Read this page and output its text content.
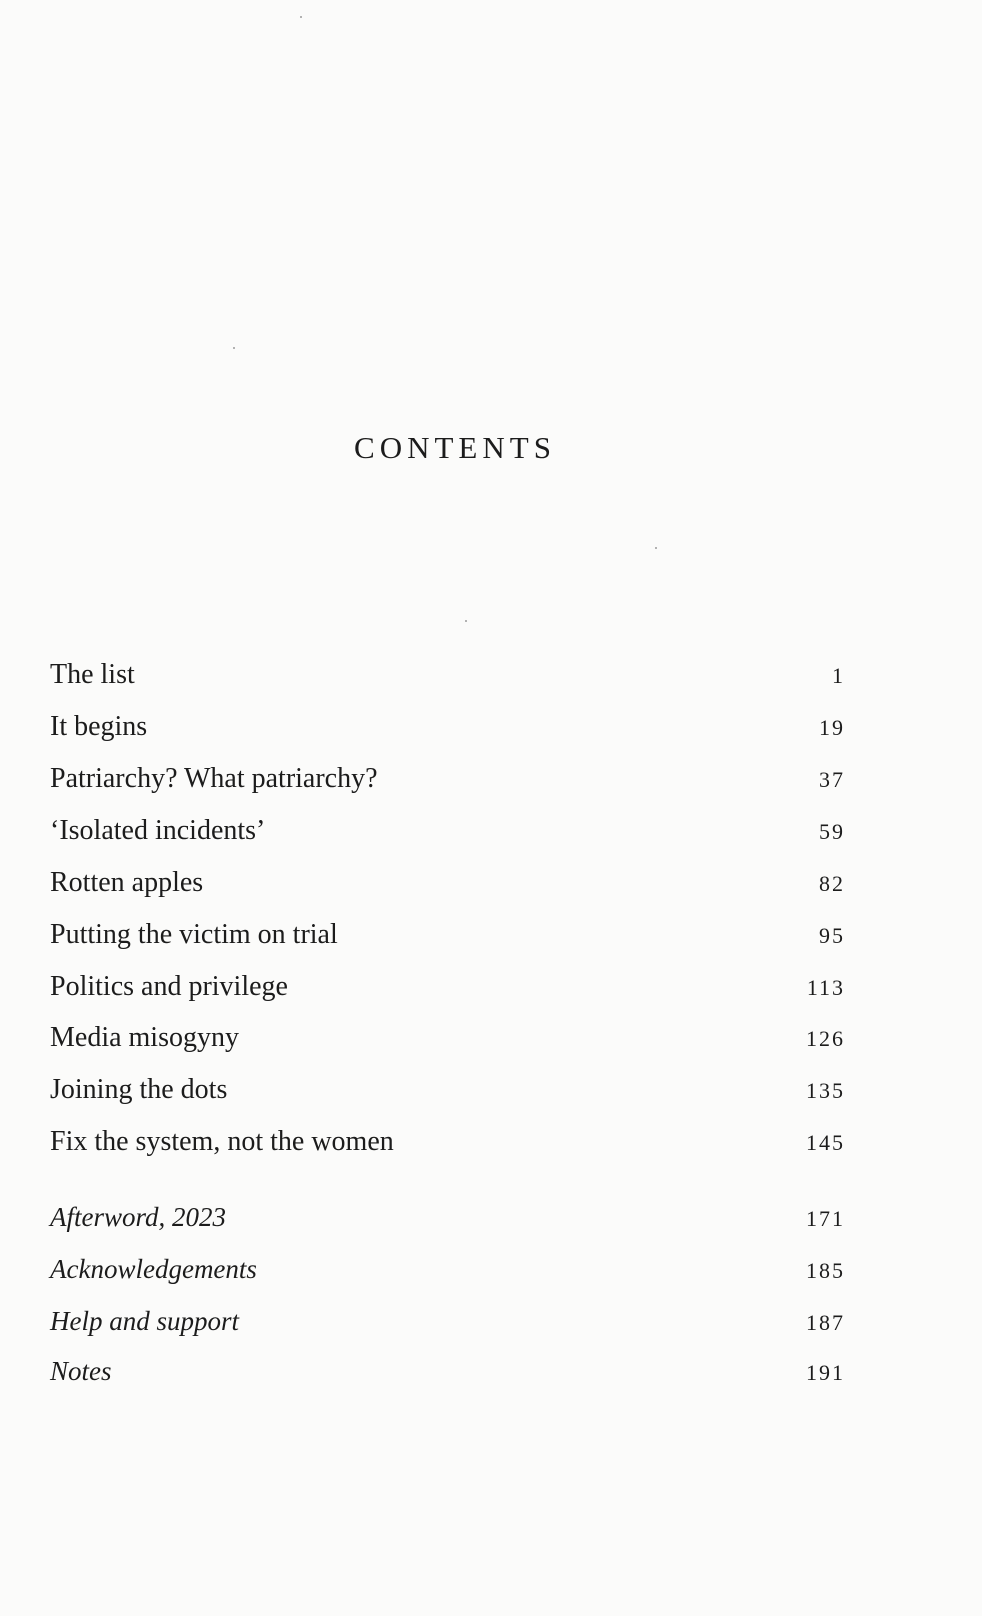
CONTENTS
The list	1
It begins	19
Patriarchy? What patriarchy?	37
‘Isolated incidents’	59
Rotten apples	82
Putting the victim on trial	95
Politics and privilege	113
Media misogyny	126
Joining the dots	135
Fix the system, not the women	145
Afterword, 2023	171
Acknowledgements	185
Help and support	187
Notes	191
